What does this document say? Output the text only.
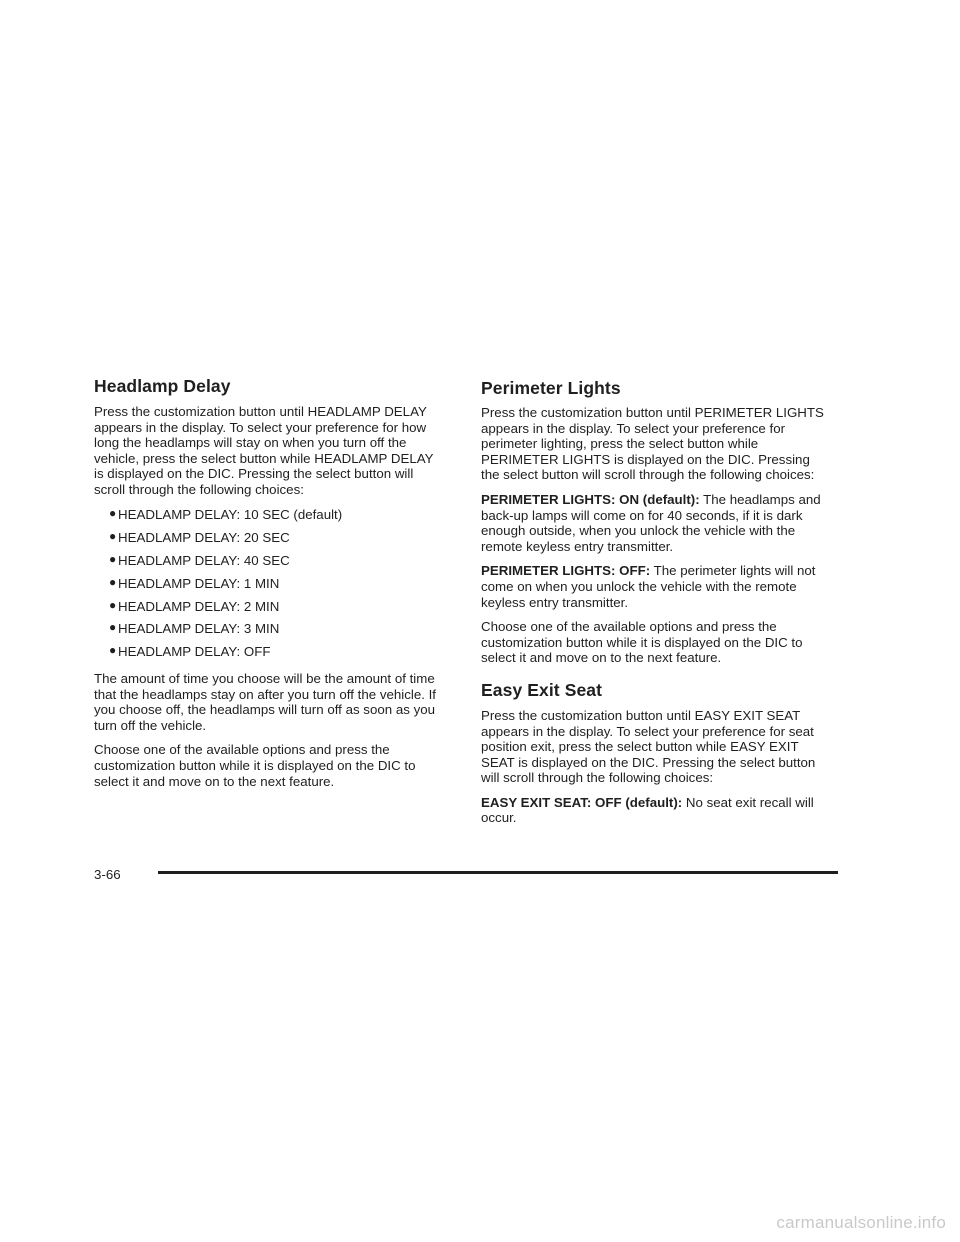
Headlamp Delay

Press the customization button until HEADLAMP DELAY appears in the display. To select your preference for how long the headlamps will stay on when you turn off the vehicle, press the select button while HEADLAMP DELAY is displayed on the DIC. Pressing the select button will scroll through the following choices:

● HEADLAMP DELAY: 10 SEC (default)
● HEADLAMP DELAY: 20 SEC
● HEADLAMP DELAY: 40 SEC
● HEADLAMP DELAY: 1 MIN
● HEADLAMP DELAY: 2 MIN
● HEADLAMP DELAY: 3 MIN
● HEADLAMP DELAY: OFF

The amount of time you choose will be the amount of time that the headlamps stay on after you turn off the vehicle. If you choose off, the headlamps will turn off as soon as you turn off the vehicle.

Choose one of the available options and press the customization button while it is displayed on the DIC to select it and move on to the next feature.

Perimeter Lights

Press the customization button until PERIMETER LIGHTS appears in the display. To select your preference for perimeter lighting, press the select button while PERIMETER LIGHTS is displayed on the DIC. Pressing the select button will scroll through the following choices:

PERIMETER LIGHTS: ON (default): The headlamps and back-up lamps will come on for 40 seconds, if it is dark enough outside, when you unlock the vehicle with the remote keyless entry transmitter.

PERIMETER LIGHTS: OFF: The perimeter lights will not come on when you unlock the vehicle with the remote keyless entry transmitter.

Choose one of the available options and press the customization button while it is displayed on the DIC to select it and move on to the next feature.

Easy Exit Seat

Press the customization button until EASY EXIT SEAT appears in the display. To select your preference for seat position exit, press the select button while EASY EXIT SEAT is displayed on the DIC. Pressing the select button will scroll through the following choices:

EASY EXIT SEAT: OFF (default): No seat exit recall will occur.

3-66
carmanualsonline.info
